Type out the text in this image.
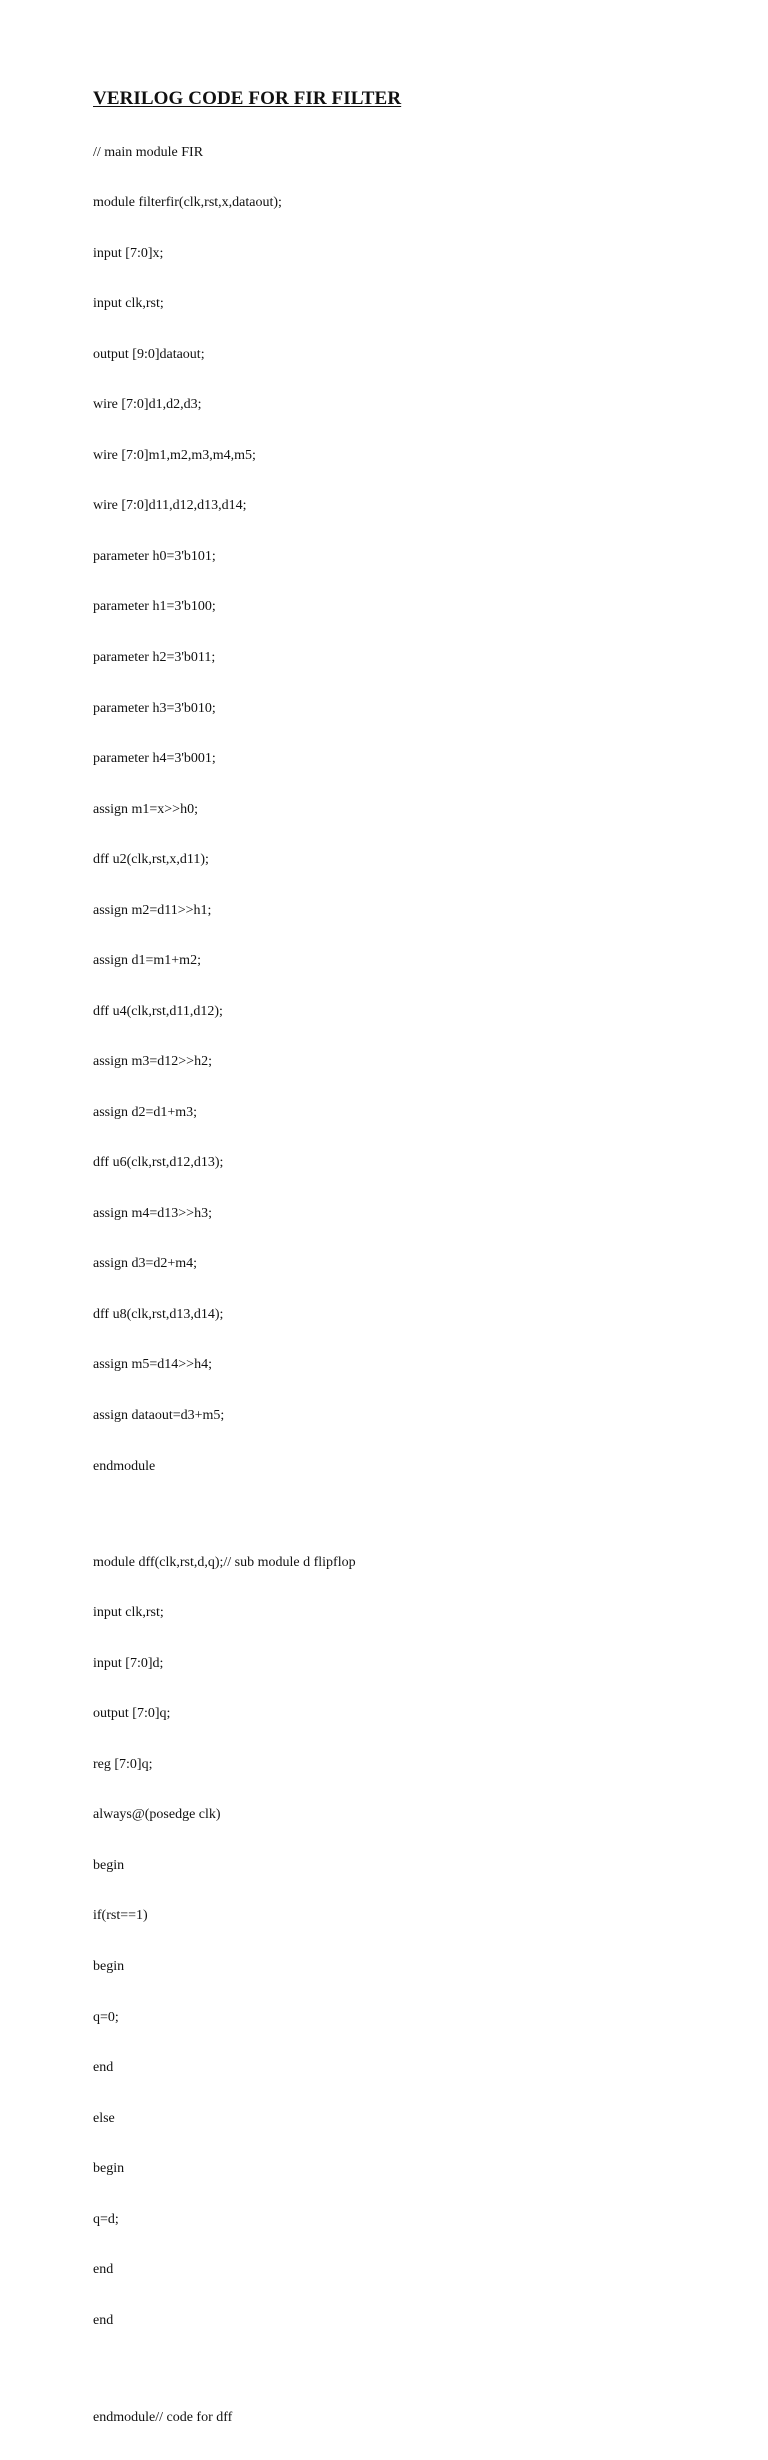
VERILOG CODE FOR FIR FILTER

// main module FIR

module filterfir(clk,rst,x,dataout);

input [7:0]x;

input clk,rst;

output [9:0]dataout;

wire [7:0]d1,d2,d3;

wire [7:0]m1,m2,m3,m4,m5;

wire [7:0]d11,d12,d13,d14;

parameter h0=3'b101;

parameter h1=3'b100;

parameter h2=3'b011;

parameter h3=3'b010;

parameter h4=3'b001;

assign m1=x>>h0;

dff u2(clk,rst,x,d11);

assign m2=d11>>h1;

assign d1=m1+m2;

dff u4(clk,rst,d11,d12);

assign m3=d12>>h2;

assign d2=d1+m3;

dff u6(clk,rst,d12,d13);

assign m4=d13>>h3;

assign d3=d2+m4;

dff u8(clk,rst,d13,d14);

assign m5=d14>>h4;

assign dataout=d3+m5;

endmodule

module dff(clk,rst,d,q);// sub module d flipflop

input clk,rst;

input [7:0]d;

output [7:0]q;

reg [7:0]q;

always@(posedge clk)

begin

if(rst==1)

begin

q=0;

end

else

begin

q=d;

end

end

endmodule// code for dff
